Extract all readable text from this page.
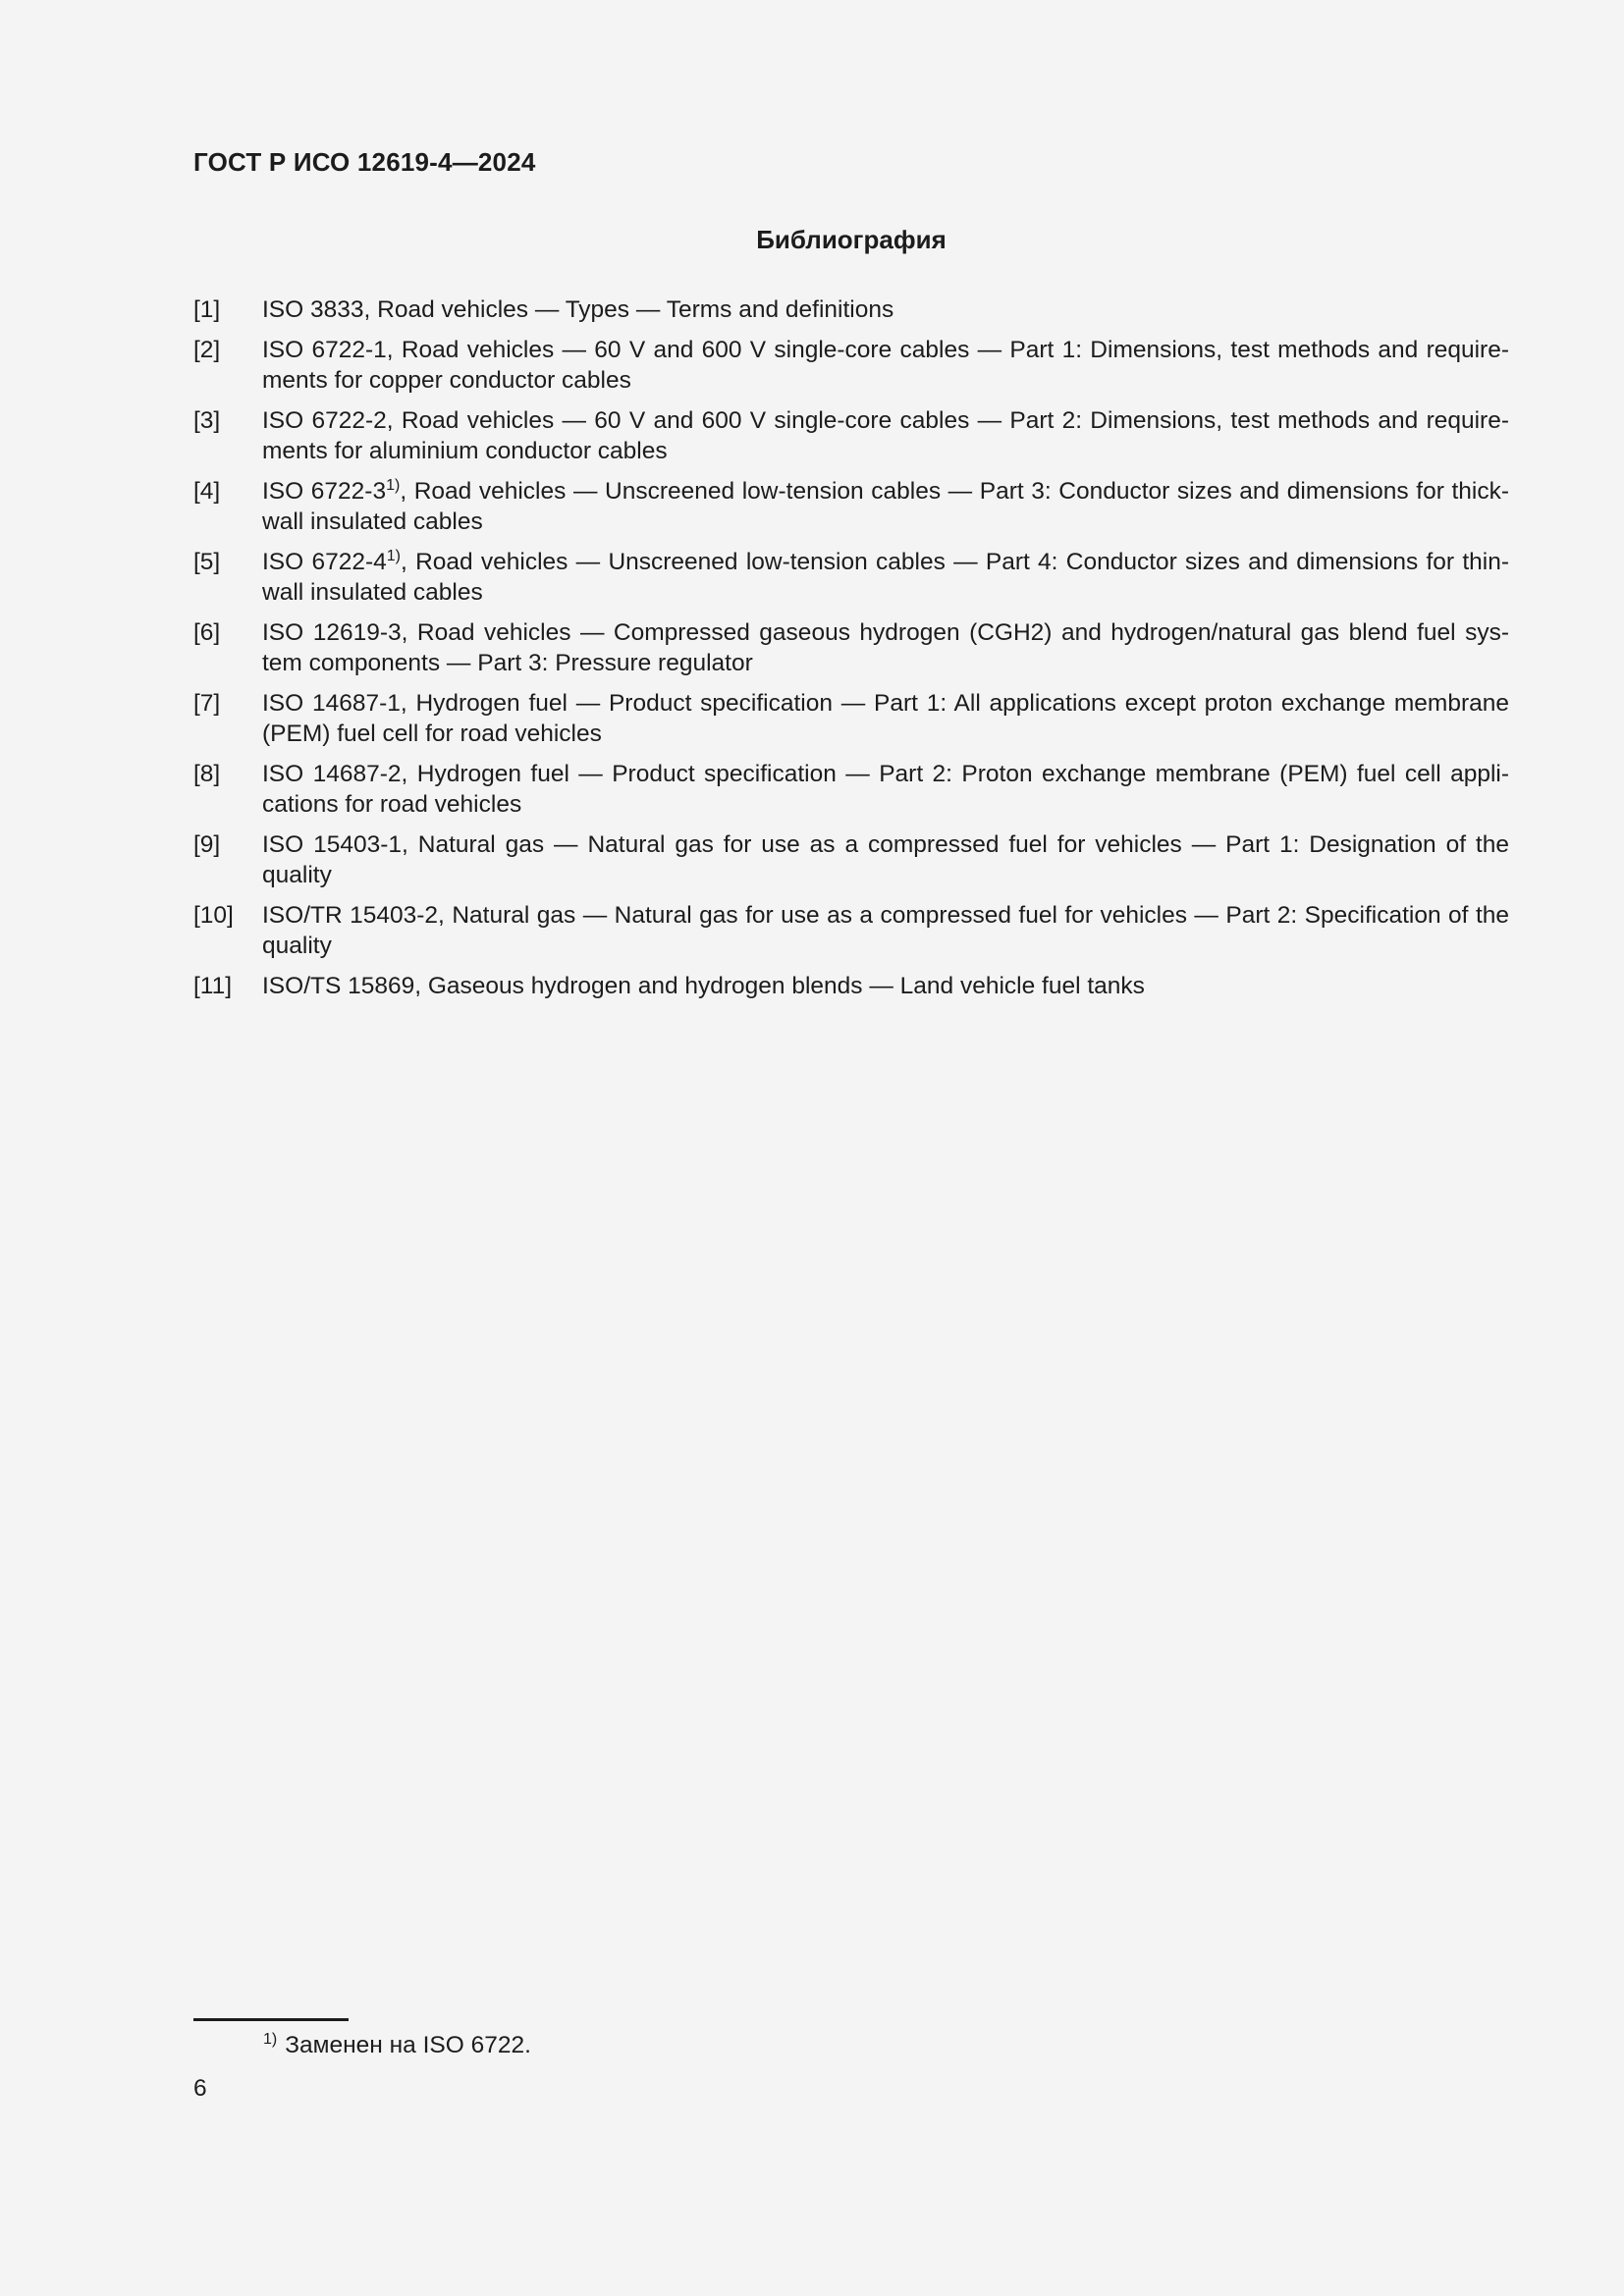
ГОСТ Р ИСО 12619-4—2024
Библиография
[1]	ISO 3833, Road vehicles — Types — Terms and definitions
[2]	ISO 6722-1, Road vehicles — 60 V and 600 V single-core cables — Part 1: Dimensions, test methods and require-ments for copper conductor cables
[3]	ISO 6722-2, Road vehicles — 60 V and 600 V single-core cables — Part 2: Dimensions, test methods and require-ments for aluminium conductor cables
[4]	ISO 6722-3$^{1)}$, Road vehicles — Unscreened low-tension cables — Part 3: Conductor sizes and dimensions for thick-wall insulated cables
[5]	ISO 6722-4$^{1)}$, Road vehicles — Unscreened low-tension cables — Part 4: Conductor sizes and dimensions for thin-wall insulated cables
[6]	ISO 12619-3, Road vehicles — Compressed gaseous hydrogen (CGH2) and hydrogen/natural gas blend fuel sys-tem components — Part 3: Pressure regulator
[7]	ISO 14687-1, Hydrogen fuel — Product specification — Part 1: All applications except proton exchange membrane (PEM) fuel cell for road vehicles
[8]	ISO 14687-2, Hydrogen fuel — Product specification — Part 2: Proton exchange membrane (PEM) fuel cell appli-cations for road vehicles
[9]	ISO 15403-1, Natural gas — Natural gas for use as a compressed fuel for vehicles — Part 1: Designation of the quality
[10]	ISO/TR 15403-2, Natural gas — Natural gas for use as a compressed fuel for vehicles — Part 2: Specification of the quality
[11]	ISO/TS 15869, Gaseous hydrogen and hydrogen blends — Land vehicle fuel tanks
$^{1)}$ Заменен на ISO 6722.
6
